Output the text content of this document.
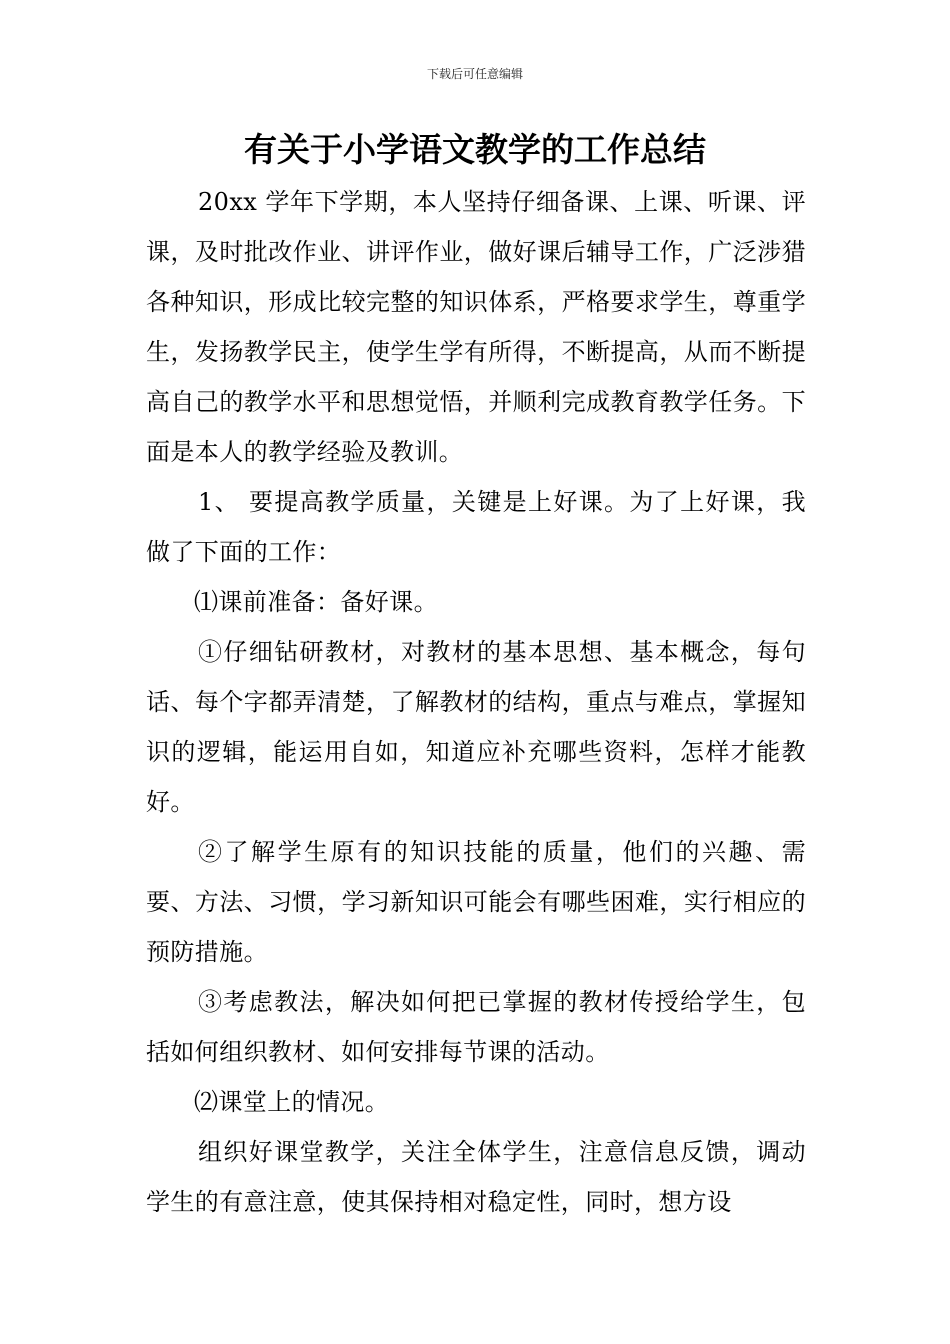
下载后可任意编辑
有关于小学语文教学的工作总结

20xx 学年下学期，本人坚持仔细备课、上课、听课、评课，及时批改作业、讲评作业，做好课后辅导工作，广泛涉猎各种知识，形成比较完整的知识体系，严格要求学生，尊重学生，发扬教学民主，使学生学有所得，不断提高，从而不断提高自己的教学水平和思想觉悟，并顺利完成教育教学任务。下面是本人的教学经验及教训。

1、 要提高教学质量，关键是上好课。为了上好课，我做了下面的工作：

⑴课前准备：备好课。

①仔细钻研教材，对教材的基本思想、基本概念，每句话、每个字都弄清楚，了解教材的结构，重点与难点，掌握知识的逻辑，能运用自如，知道应补充哪些资料，怎样才能教好。

②了解学生原有的知识技能的质量，他们的兴趣、需要、方法、习惯，学习新知识可能会有哪些困难，实行相应的预防措施。

③考虑教法，解决如何把已掌握的教材传授给学生，包括如何组织教材、如何安排每节课的活动。

⑵课堂上的情况。

组织好课堂教学，关注全体学生，注意信息反馈，调动学生的有意注意，使其保持相对稳定性，同时，想方设
